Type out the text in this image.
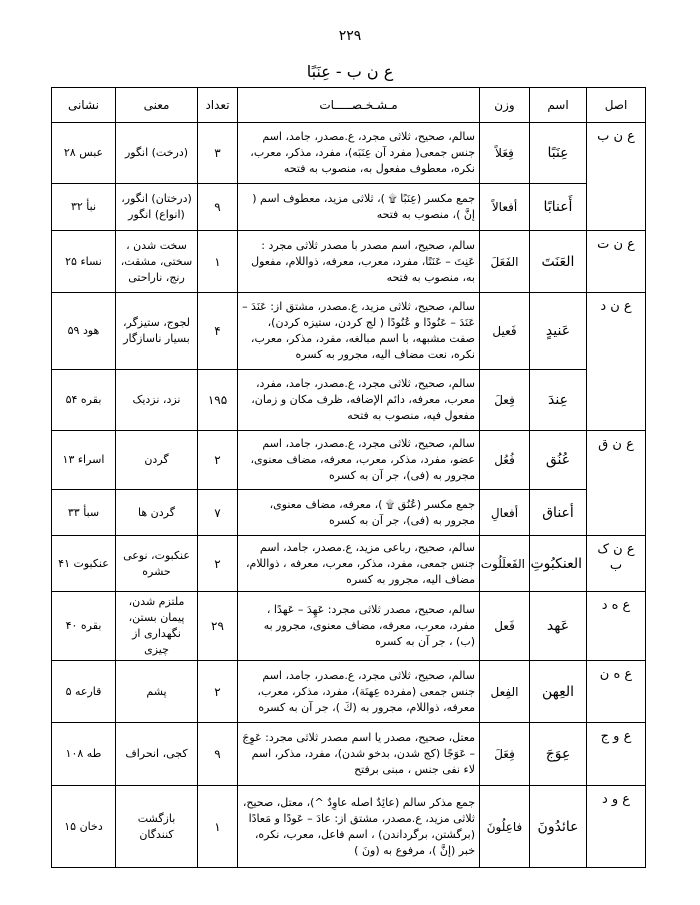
۲۲۹
ع ن ب - عِنَبًا
اصل	اسم	وزن	مـشـخـصـــــات	تعداد	معنى	نشانى
ع ن ب	عِنَبًا	فِعَلاً	سالم، صحيح، ثلاثى مجرد، ع.مصدر، جامد، اسم جنس جمعى( مفرد آن عِنَبَه)، مفرد، مذكر، معرب، نكره، معطوف مفعول به، منصوب به فتحه	۳	(درخت) انگور	عبس ۲۸
	أَعنابًا	أفعالاً	جمع مكسر (عِنَبًا ۩ )، ثلاثى مزيد، معطوف اسم ( إنَّ )، منصوب به فتحه	۹	(درختان) انگور، (انواع) انگور	نبأ ۳۲
ع ن ت	العَنَتَ	الفَعَلَ	سالم، صحيح، اسم مصدر با مصدر ثلاثى مجرد : عَنِتَ – عَنَتًا، مفرد، معرب، معرفه، ذواللام، مفعول به، منصوب به فتحه	۱	سخت شدن ، سختى، مشقت، رنج، ناراحتى	نساء ۲۵
ع ن د	عَنيدٍ	فَعيل	سالم، صحيح، ثلاثى مزيد، ع.مصدر، مشتق از: عَنَدَ – عَنَدَ – عَنُودًا و عُنُودًا ( لج كردن، ستيزه كردن)، صفت مشبهه، با اسم مبالغه، مفرد، مذكر، معرب، نكره، نعت مضاف اليه، مجرور به كسره	۴	لجوج، ستيزگر، بسيار ناسازگار	هود ۵۹
	عِندَ	فِعلَ	سالم، صحيح، ثلاثى مجرد، ع.مصدر، جامد، مفرد، معرب، معرفه، دائم الإضافه، ظرف مكان و زمان، مفعول فيه، منصوب به فتحه	۱۹۵	نزد، نزديک	بقره ۵۴
ع ن ق	عُنُق	فُعُل	سالم، صحيح، ثلاثى مجرد، ع.مصدر، جامد، اسم عضو، مفرد، مذكر، معرب، معرفه، مضاف معنوى، مجرور به (فى)، جر آن به كسره	۲	گردن	اسراء ۱۳
	أعناق	أفعالِ	جمع مكسر (عُنُق ۩ )، معرفه، مضاف معنوى، مجرور به (فى)، جر آن به كسره	۷	گردن ها	سبأ ۳۳
ع ن ک ب	العنكبُوتِ	الفَعلَلُوت	سالم، صحيح، رباعى مزيد، ع.مصدر، جامد، اسم جنس جمعى، مفرد، مذكر، معرب، معرفه ، ذواللام، مضاف اليه، مجرور به كسره	۲	عنكبوت، نوعى حشره	عنكبوت ۴۱
ع ه د	عَهد	فَعل	سالم، صحيح، مصدر ثلاثى مجرد: عَهِدَ – عَهدًا ، مفرد، معرب، معرفه، مضاف معنوى، مجرور به (ب) ، جر آن به كسره	۲۹	ملتزم شدن، پيمان بستن، نگهدارى از چيزى	بقره ۴۰
ع ه ن	العِهن	الفِعل	سالم، صحيح، ثلاثى مجرد، ع.مصدر، جامد، اسم جنس جمعى (مفرده عِهنَة)، مفرد، مذكر، معرب، معرفه، ذواللام، مجرور به (كَ )، جر آن به كسره	۲	پشم	قارعه ۵
ع و ج	عِوَجَ	فِعَلَ	معتل، صحيح، مصدر يا اسم مصدر ثلاثى مجرد: عَوِجَ – عَوَجًا (كج شدن، بدخو شدن)، مفرد، مذكر، اسم لاء نفى جنس ، مبنى برفتح	۹	كجى، انحراف	طه ۱۰۸
ع و د	عائدُونَ	فاعِلُونَ	جمع مذكر سالم (عائِدٌ اصله عاوِدٌ ^)، معتل، صحيح، ثلاثى مزيد، ع.مصدر، مشتق از: عادَ – عَودًا و مَعادًا (برگشتن، برگرداندن) ، اسم فاعل، معرب، نكره، خبر (إنَّ )، مرفوع به (ونَ )	۱	بازگشت كنندگان	دخان ۱۵
